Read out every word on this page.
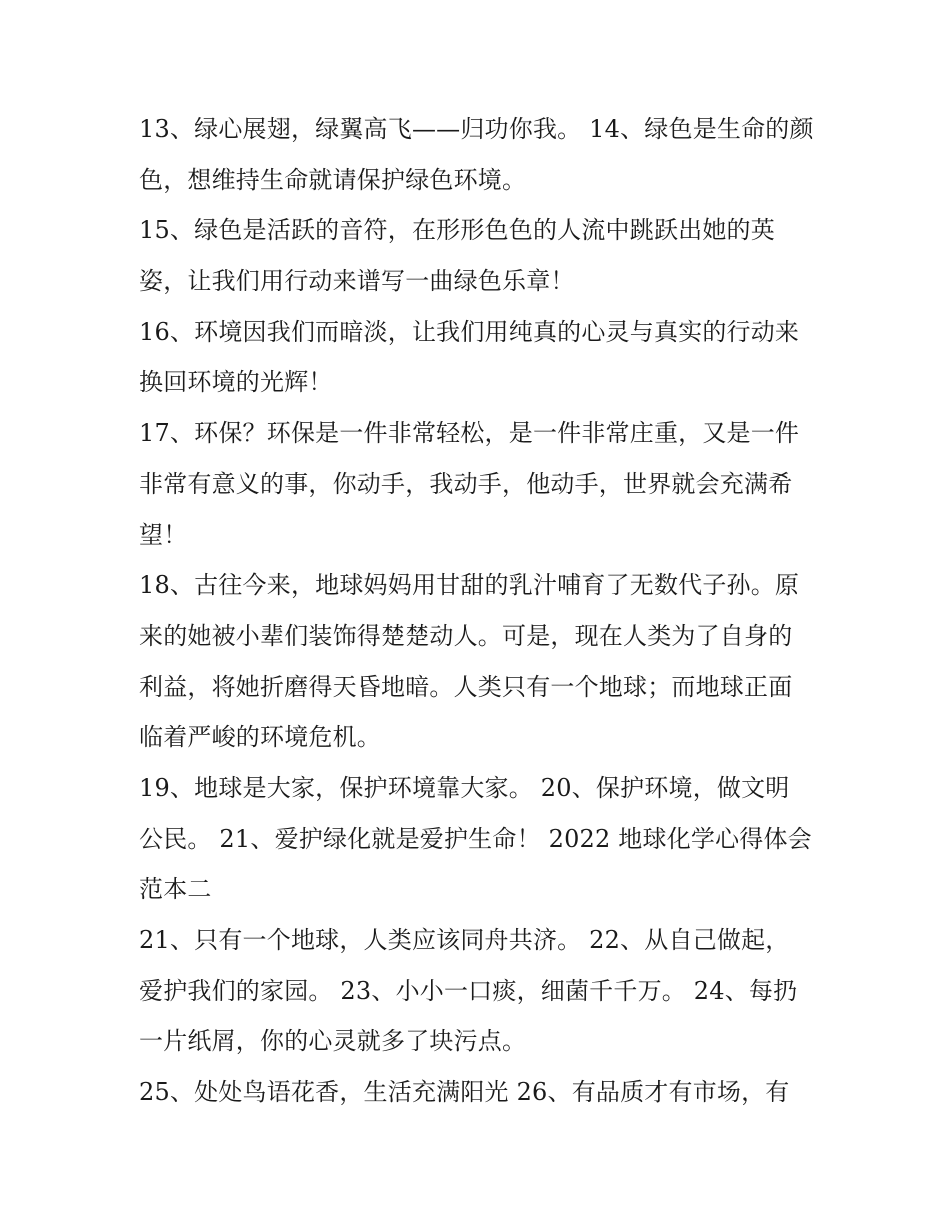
13、绿心展翅，绿翼高飞——归功你我。 14、绿色是生命的颜
色，想维持生命就请保护绿色环境。
15、绿色是活跃的音符，在形形色色的人流中跳跃出她的英
姿，让我们用行动来谱写一曲绿色乐章！
16、环境因我们而暗淡，让我们用纯真的心灵与真实的行动来
换回环境的光辉！
17、环保？环保是一件非常轻松，是一件非常庄重，又是一件
非常有意义的事，你动手，我动手，他动手，世界就会充满希
望！
18、古往今来，地球妈妈用甘甜的乳汁哺育了无数代子孙。原
来的她被小辈们装饰得楚楚动人。可是，现在人类为了自身的
利益，将她折磨得天昏地暗。人类只有一个地球；而地球正面
临着严峻的环境危机。
19、地球是大家，保护环境靠大家。 20、保护环境，做文明
公民。 21、爱护绿化就是爱护生命！ 2022 地球化学心得体会
范本二
21、只有一个地球，人类应该同舟共济。 22、从自己做起，
爱护我们的家园。 23、小小一口痰，细菌千千万。 24、每扔
一片纸屑，你的心灵就多了块污点。
25、处处鸟语花香，生活充满阳光 26、有品质才有市场，有
